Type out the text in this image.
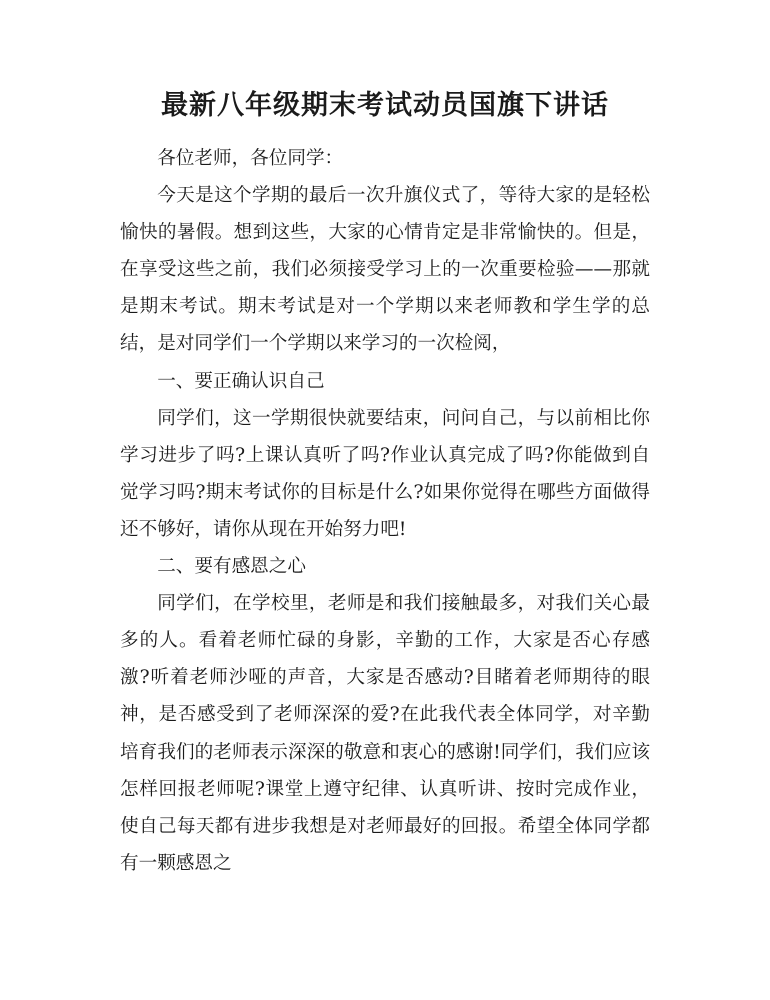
最新八年级期末考试动员国旗下讲话

各位老师，各位同学：

今天是这个学期的最后一次升旗仪式了，等待大家的是轻松愉快的暑假。想到这些，大家的心情肯定是非常愉快的。但是，在享受这些之前，我们必须接受学习上的一次重要检验——那就是期末考试。期末考试是对一个学期以来老师教和学生学的总结，是对同学们一个学期以来学习的一次检阅，

一、要正确认识自己

同学们，这一学期很快就要结束，问问自己，与以前相比你学习进步了吗?上课认真听了吗?作业认真完成了吗?你能做到自觉学习吗?期末考试你的目标是什么?如果你觉得在哪些方面做得还不够好，请你从现在开始努力吧!

二、要有感恩之心

同学们，在学校里，老师是和我们接触最多，对我们关心最多的人。看着老师忙碌的身影，辛勤的工作，大家是否心存感激?听着老师沙哑的声音，大家是否感动?目睹着老师期待的眼神，是否感受到了老师深深的爱?在此我代表全体同学，对辛勤培育我们的老师表示深深的敬意和衷心的感谢!同学们，我们应该怎样回报老师呢?课堂上遵守纪律、认真听讲、按时完成作业，使自己每天都有进步我想是对老师最好的回报。希望全体同学都有一颗感恩之
